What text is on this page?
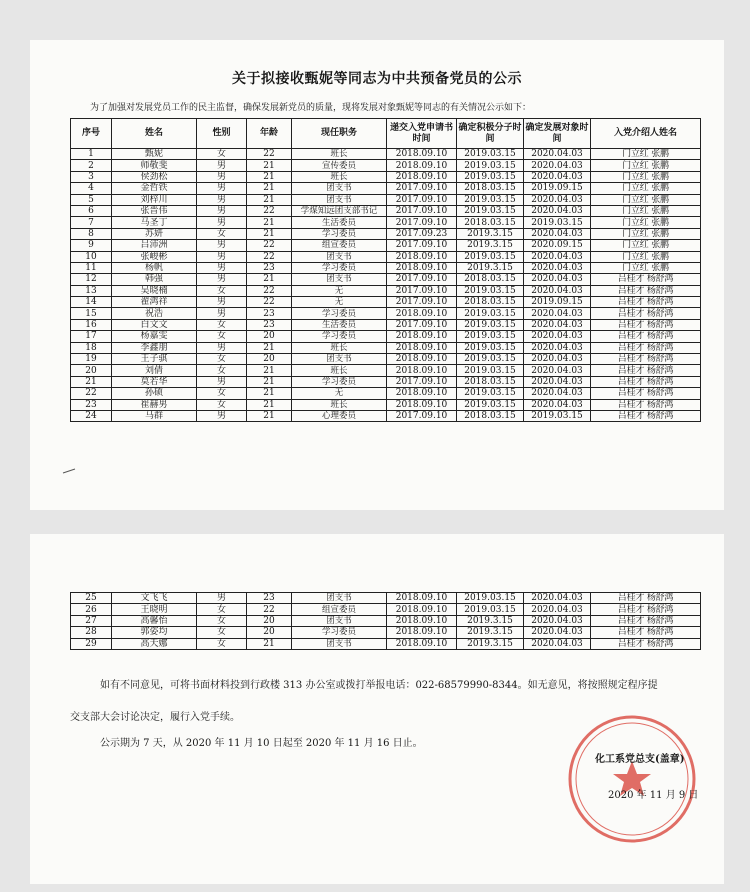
关于拟接收甄妮等同志为中共预备党员的公示
为了加强对发展党员工作的民主监督，确保发展新党员的质量，现将发展对象甄妮等同志的有关情况公示如下：
序号	姓名	性别	年龄	现任职务	递交入党申请书时间	确定积极分子时间	确定发展对象时间	入党介绍人姓名
1	甄妮	女	22	班长	2018.09.10	2019.03.15	2020.04.03	门立红 张鹏
2	师敬斐	男	21	宣传委员	2018.09.10	2019.03.15	2020.04.03	门立红 张鹏
3	侯劲松	男	21	班长	2018.09.10	2019.03.15	2020.04.03	门立红 张鹏
4	金哲铁	男	21	团支书	2017.09.10	2018.03.15	2019.09.15	门立红 张鹏
5	刘梓川	男	21	团支书	2017.09.10	2019.03.15	2020.04.03	门立红 张鹏
6	张晋伟	男	22	学煤知远团支部书记	2017.09.10	2019.03.15	2020.04.03	门立红 张鹏
7	马圣丁	男	21	生活委员	2017.09.10	2018.03.15	2019.03.15	门立红 张鹏
8	苏妍	女	21	学习委员	2017.09.23	2019.3.15	2020.04.03	门立红 张鹏
9	吕沛洲	男	22	组宣委员	2017.09.10	2019.3.15	2020.09.15	门立红 张鹏
10	张峻彬	男	22	团支书	2018.09.10	2019.03.15	2020.04.03	门立红 张鹏
11	杨帆	男	23	学习委员	2018.09.10	2019.3.15	2020.04.03	门立红 张鹏
12	韩强	男	21	团支书	2017.09.10	2018.03.15	2020.04.03	吕桂才 杨舒鸿
13	吴晓楠	女	22	无	2017.09.10	2019.03.15	2020.04.03	吕桂才 杨舒鸿
14	翟鸿祥	男	22	无	2017.09.10	2018.03.15	2019.09.15	吕桂才 杨舒鸿
15	祝浩	男	23	学习委员	2018.09.10	2019.03.15	2020.04.03	吕桂才 杨舒鸿
16	白文文	女	23	生活委员	2017.09.10	2019.03.15	2020.04.03	吕桂才 杨舒鸿
17	杨嘉雯	女	20	学习委员	2018.09.10	2019.03.15	2020.04.03	吕桂才 杨舒鸿
18	李鑫朋	男	21	班长	2018.09.10	2019.03.15	2020.04.03	吕桂才 杨舒鸿
19	王子骐	女	20	团支书	2018.09.10	2019.03.15	2020.04.03	吕桂才 杨舒鸿
20	刘倩	女	21	班长	2018.09.10	2019.03.15	2020.04.03	吕桂才 杨舒鸿
21	莫若华	男	21	学习委员	2017.09.10	2018.03.15	2020.04.03	吕桂才 杨舒鸿
22	孙硕	女	21	无	2018.09.10	2019.03.15	2020.04.03	吕桂才 杨舒鸿
23	崔赫男	女	21	班长	2018.09.10	2019.03.15	2020.04.03	吕桂才 杨舒鸿
24	马群	男	21	心理委员	2017.09.10	2018.03.15	2019.03.15	吕桂才 杨舒鸿
25	文飞飞	男	23	团支书	2018.09.10	2019.03.15	2020.04.03	吕桂才 杨舒鸿
26	王晓明	女	22	组宣委员	2018.09.10	2019.03.15	2020.04.03	吕桂才 杨舒鸿
27	高馨怡	女	20	团支书	2018.09.10	2019.3.15	2020.04.03	吕桂才 杨舒鸿
28	郭姿均	女	20	学习委员	2018.09.10	2019.3.15	2020.04.03	吕桂才 杨舒鸿
29	高天娜	女	21	团支书	2018.09.10	2019.3.15	2020.04.03	吕桂才 杨舒鸿
如有不同意见，可将书面材料投到行政楼 313 办公室或拨打举报电话：022-68579990-8344。如无意见，将按照规定程序提
交支部大会讨论决定，履行入党手续。
公示期为 7 天，从 2020 年 11 月 10 日起至 2020 年 11 月 16 日止。
化工系党总支(盖章)
2020 年 11 月 9 日
